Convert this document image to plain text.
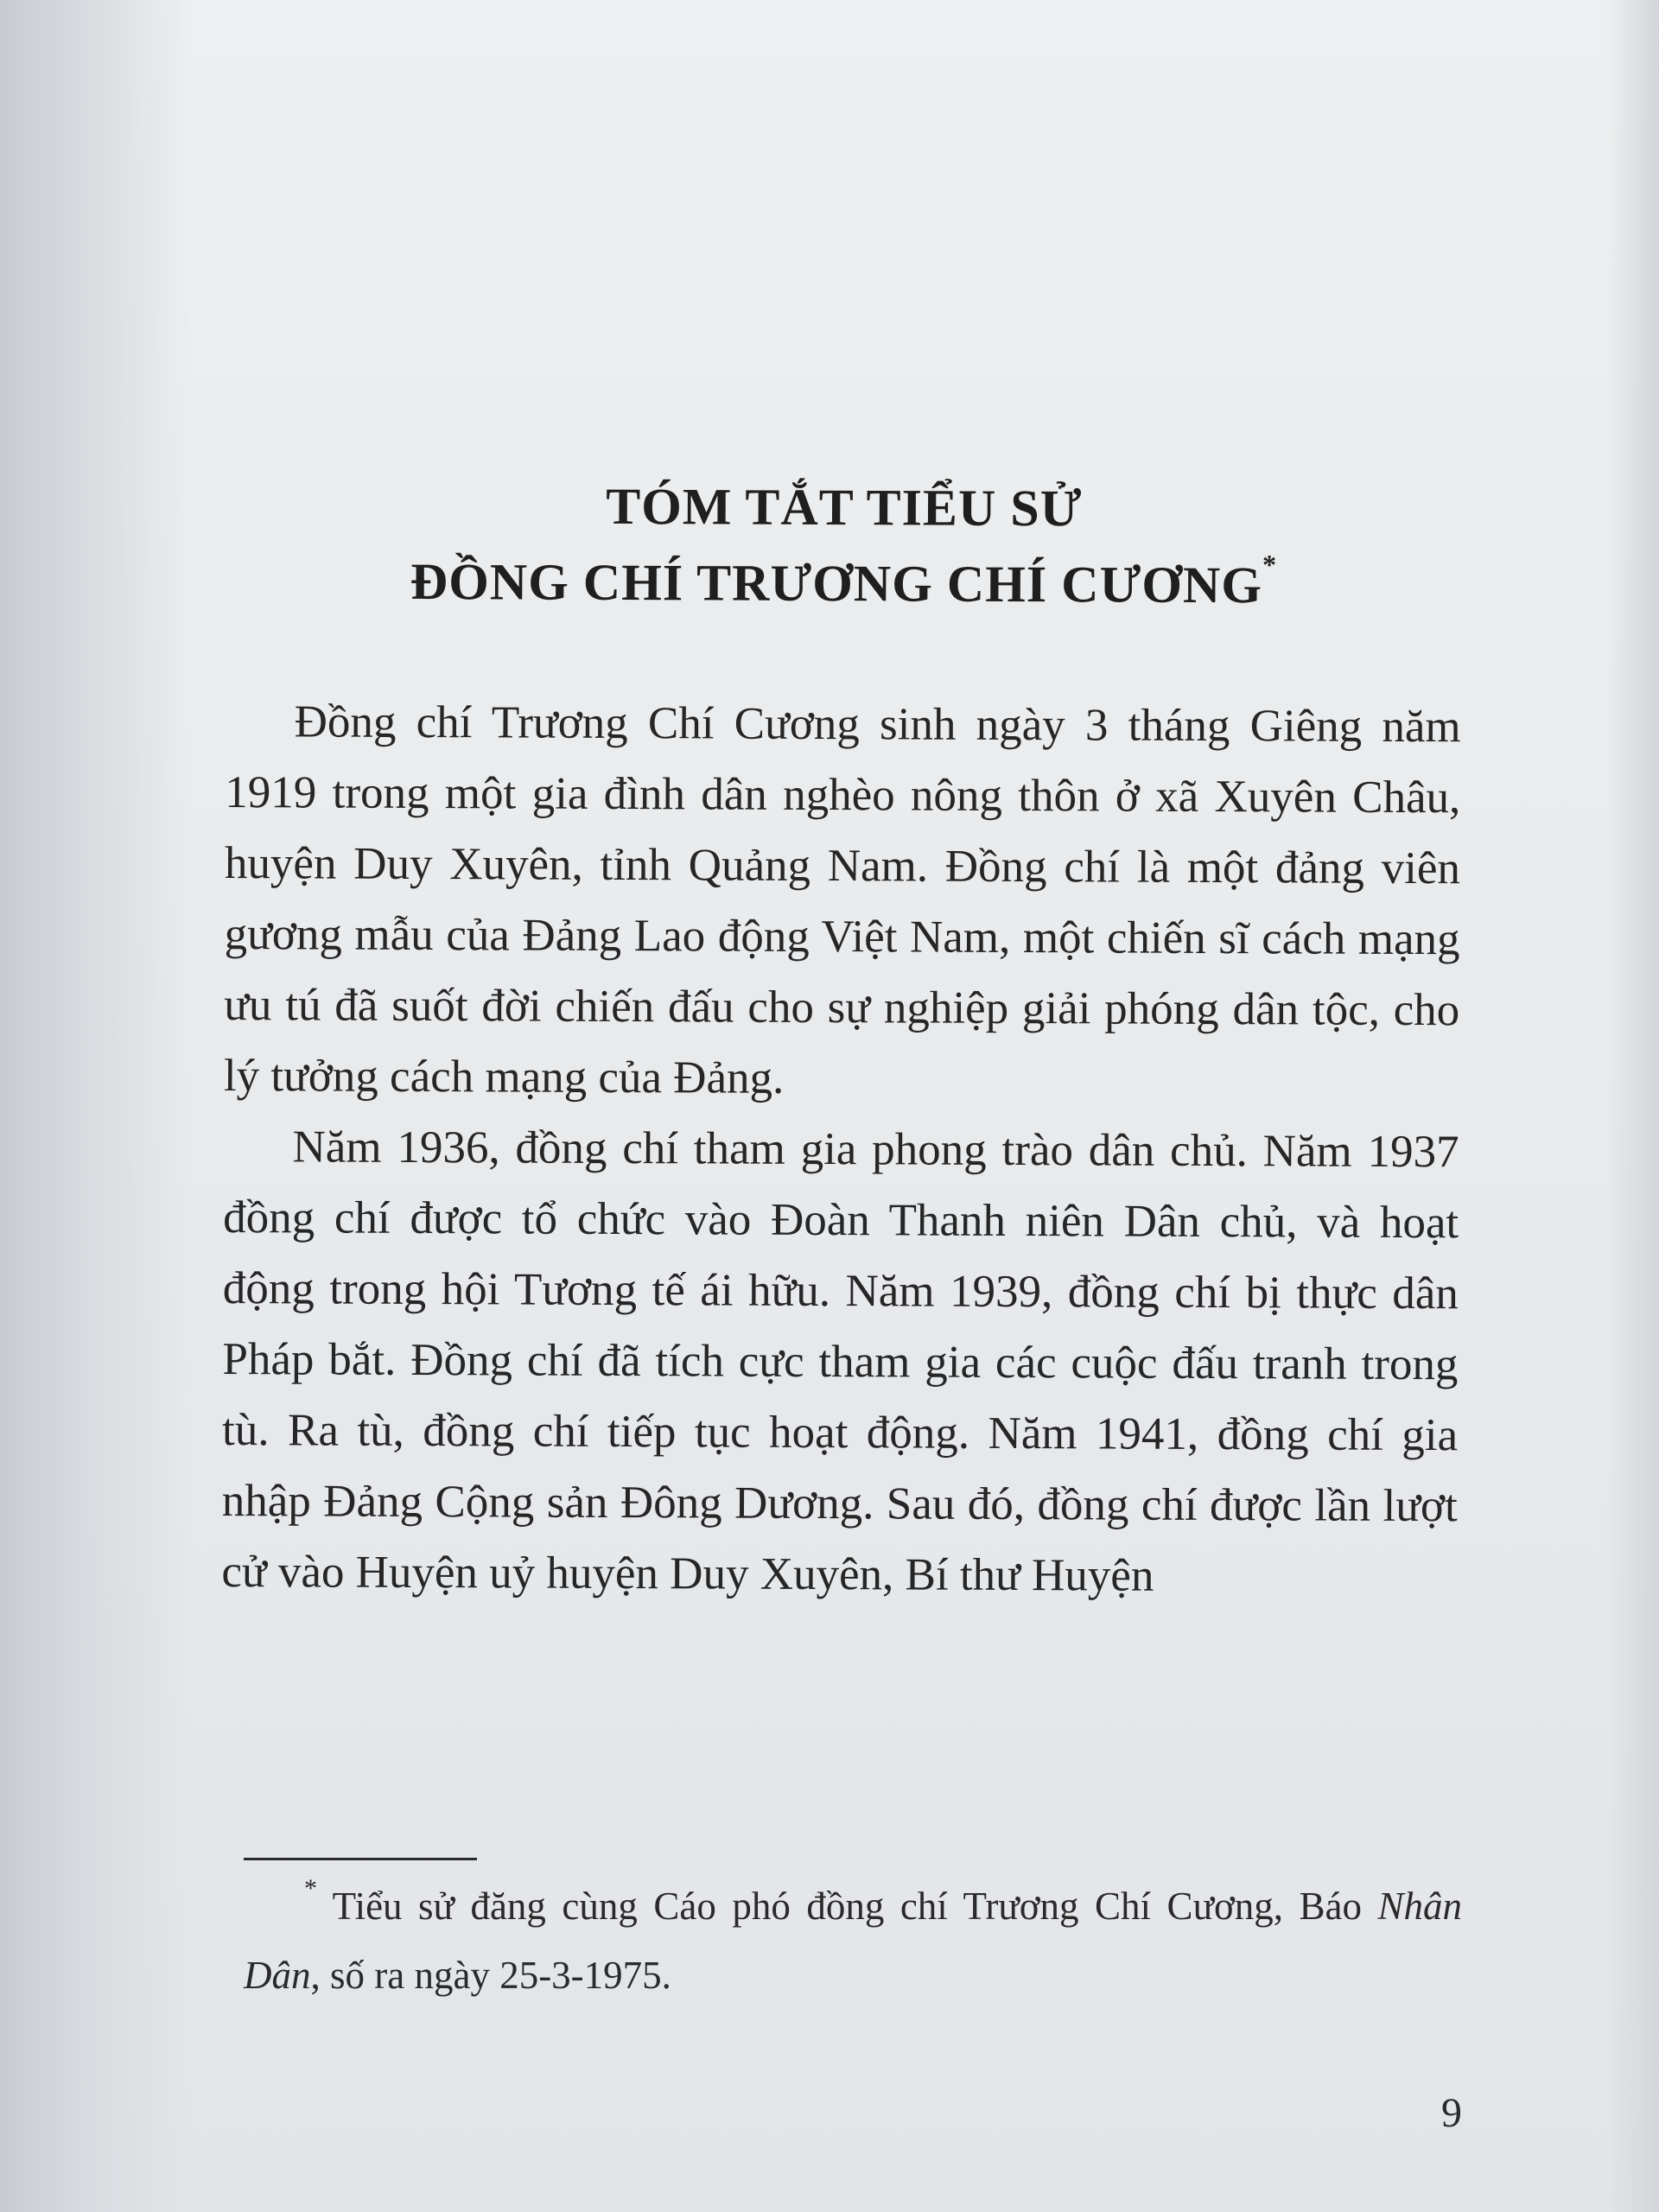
TÓM TẮT TIỂU SỬ
ĐỒNG CHÍ TRƯƠNG CHÍ CƯƠNG*

Đồng chí Trương Chí Cương sinh ngày 3 tháng Giêng năm 1919 trong một gia đình dân nghèo nông thôn ở xã Xuyên Châu, huyện Duy Xuyên, tỉnh Quảng Nam. Đồng chí là một đảng viên gương mẫu của Đảng Lao động Việt Nam, một chiến sĩ cách mạng ưu tú đã suốt đời chiến đấu cho sự nghiệp giải phóng dân tộc, cho lý tưởng cách mạng của Đảng.

Năm 1936, đồng chí tham gia phong trào dân chủ. Năm 1937 đồng chí được tổ chức vào Đoàn Thanh niên Dân chủ, và hoạt động trong hội Tương tế ái hữu. Năm 1939, đồng chí bị thực dân Pháp bắt. Đồng chí đã tích cực tham gia các cuộc đấu tranh trong tù. Ra tù, đồng chí tiếp tục hoạt động. Năm 1941, đồng chí gia nhập Đảng Cộng sản Đông Dương. Sau đó, đồng chí được lần lượt cử vào Huyện uỷ huyện Duy Xuyên, Bí thư Huyện

* Tiểu sử đăng cùng Cáo phó đồng chí Trương Chí Cương, Báo Nhân Dân, số ra ngày 25-3-1975.
9
